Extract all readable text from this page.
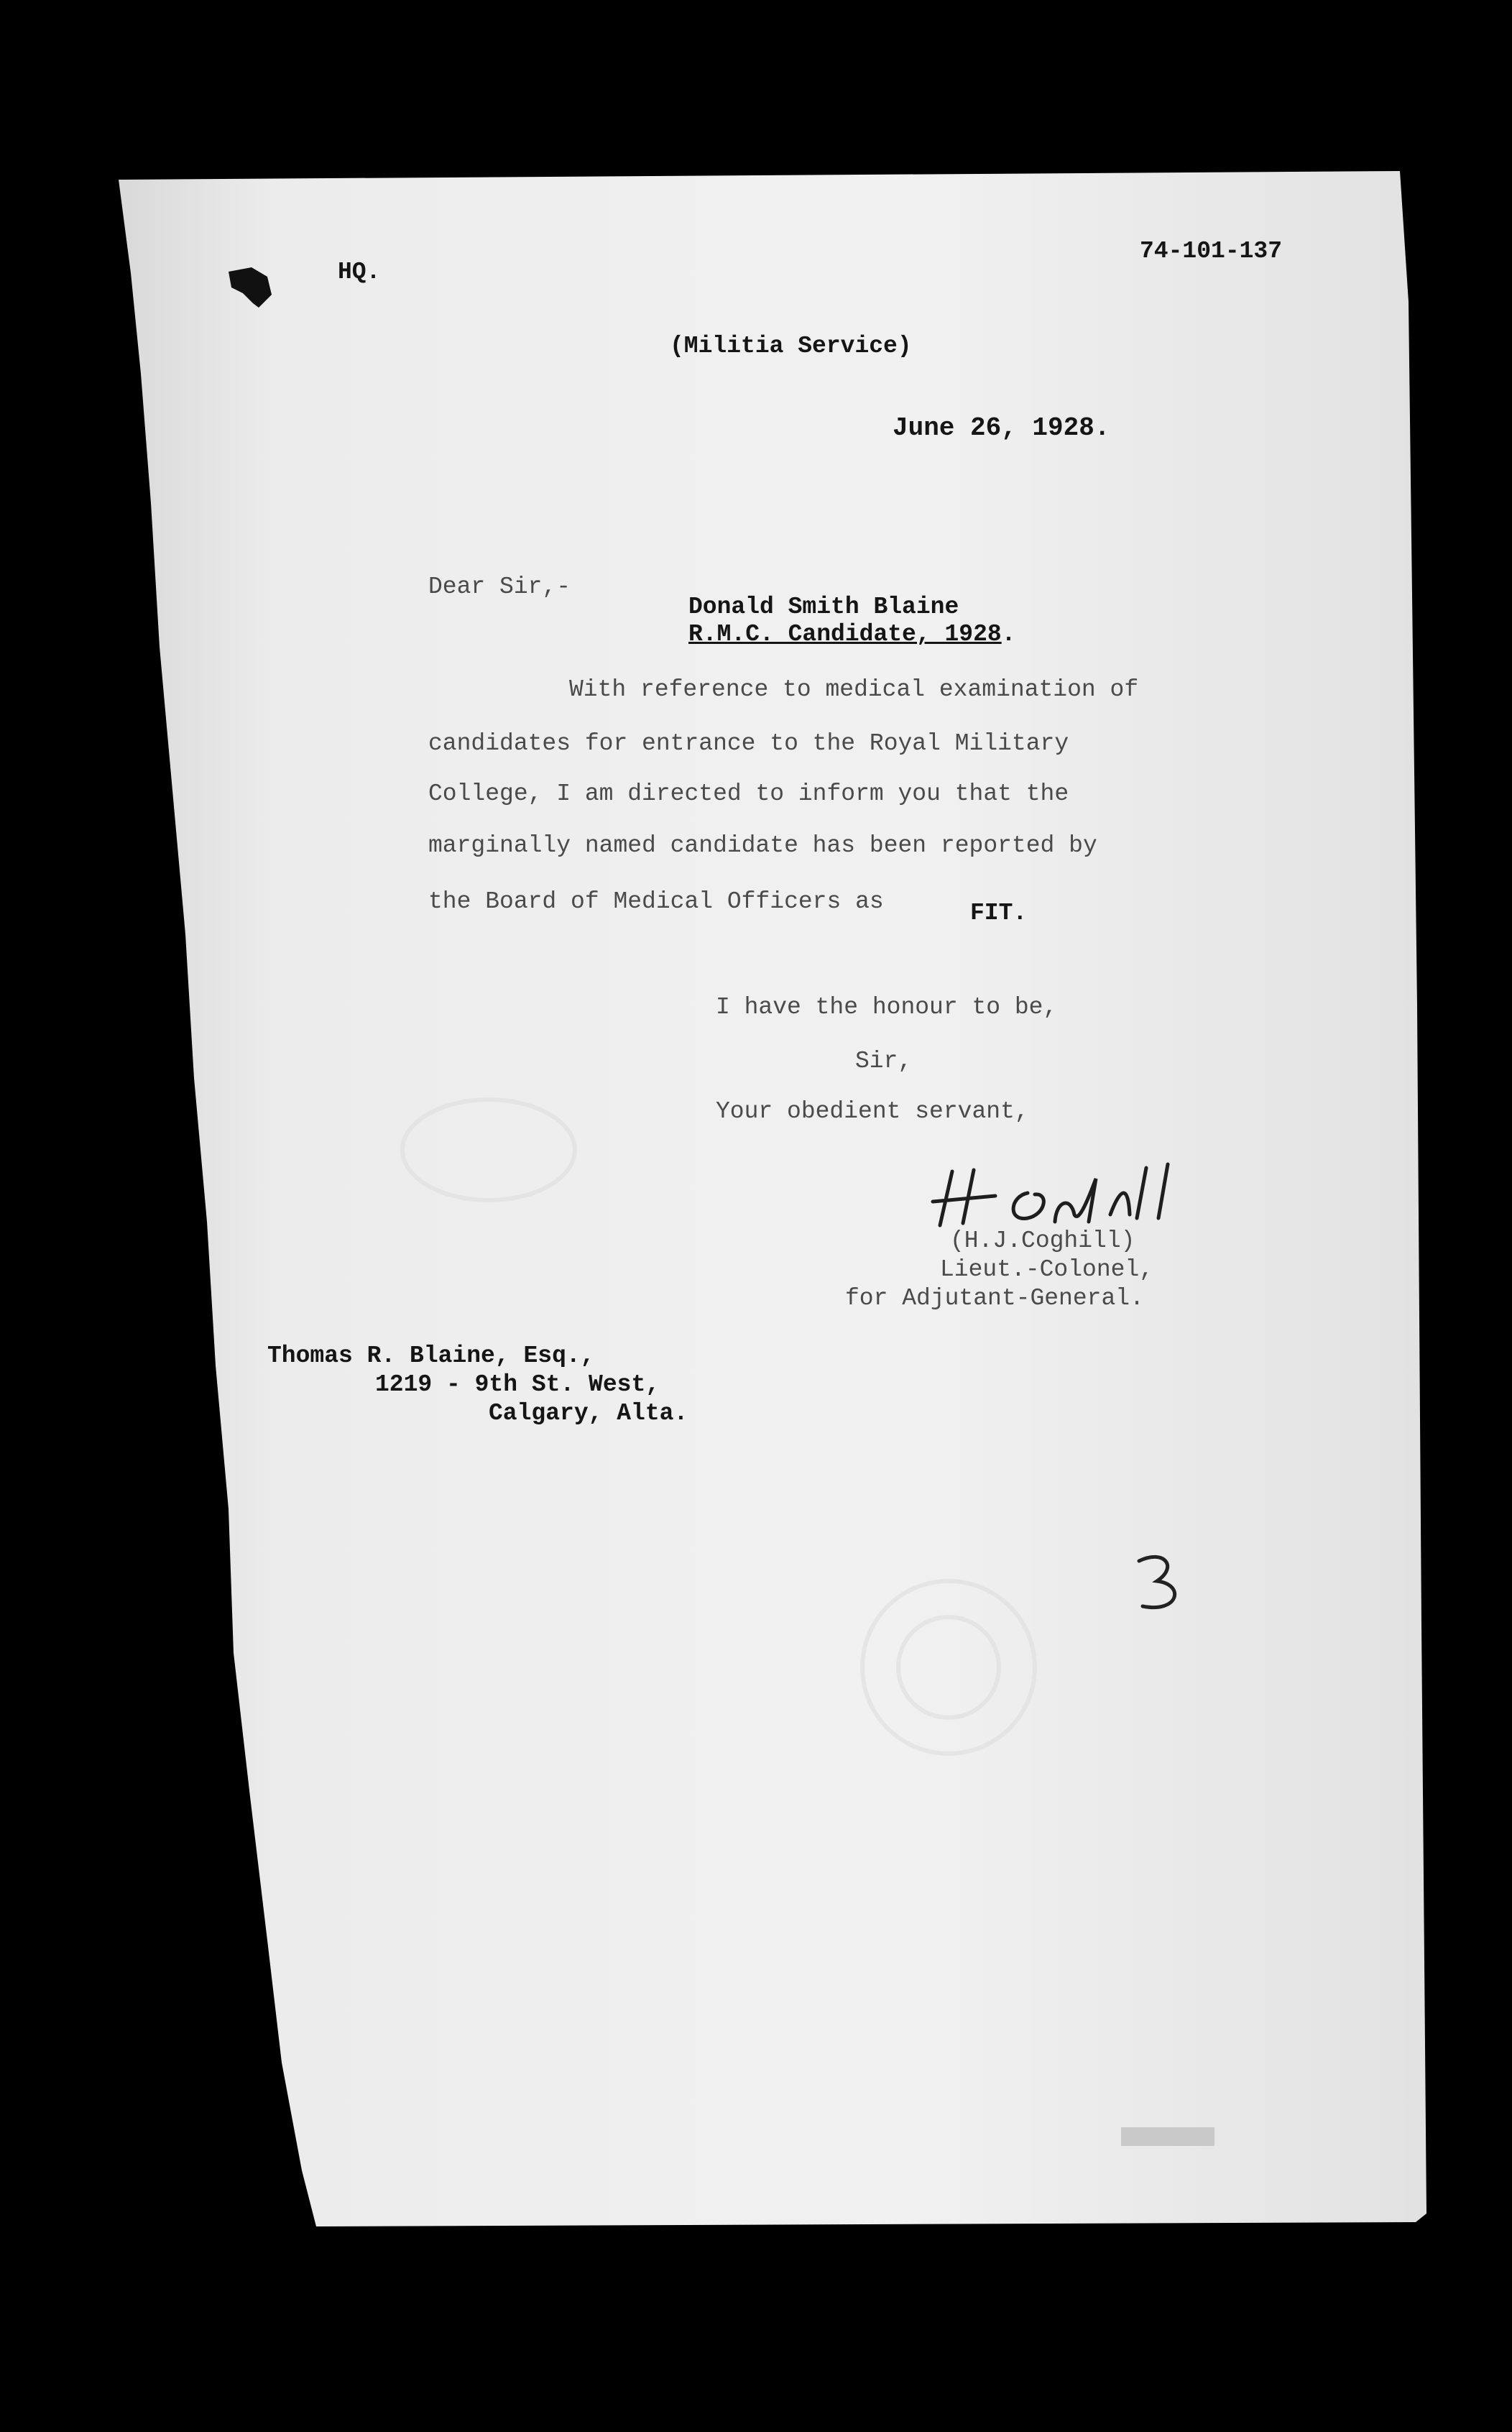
HQ.
74-101-137
(Militia Service)
June 26, 1928.
Dear Sir,-
Donald Smith Blaine
R.M.C. Candidate, 1928.
With reference to medical examination of
candidates for entrance to the Royal Military
College, I am directed to inform you that the
marginally named candidate has been reported by
the Board of Medical Officers as	FIT.
I have the honour to be,
Sir,
Your obedient servant,
(H.J.Coghill)
Lieut.-Colonel,
for Adjutant-General.
Thomas R. Blaine, Esq.,
1219 - 9th St. West,
Calgary, Alta.
